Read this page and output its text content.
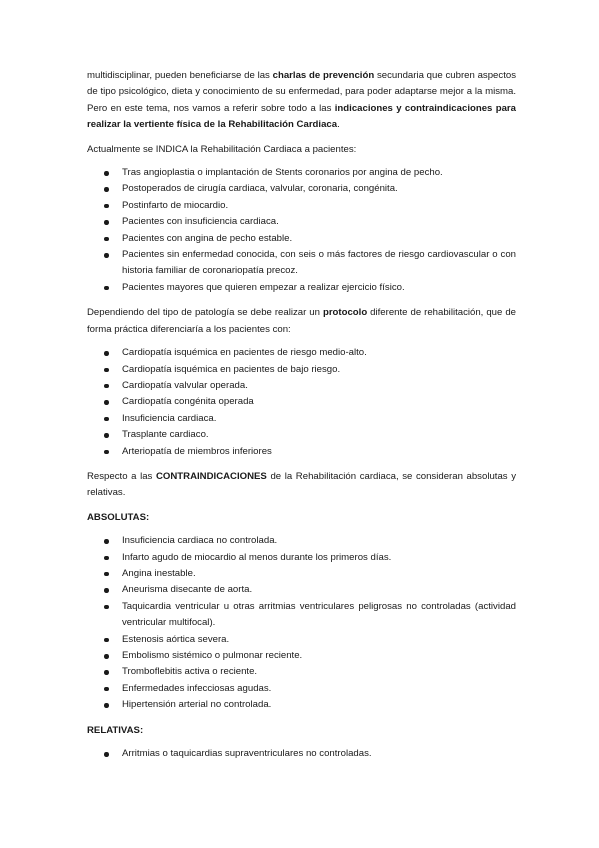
multidisciplinar, pueden beneficiarse de las charlas de prevención secundaria que cubren aspectos de tipo psicológico, dieta y conocimiento de su enfermedad, para poder adaptarse mejor a la misma. Pero en este tema, nos vamos a referir sobre todo a las indicaciones y contraindicaciones para realizar la vertiente física de la Rehabilitación Cardiaca.

Actualmente se INDICA la Rehabilitación Cardiaca a pacientes:

Tras angioplastia o implantación de Stents coronarios por angina de pecho.
Postoperados de cirugía cardiaca, valvular, coronaria, congénita.
Postinfarto de miocardio.
Pacientes con insuficiencia cardiaca.
Pacientes con angina de pecho estable.
Pacientes sin enfermedad conocida, con seis o más factores de riesgo cardiovascular o con historia familiar de coronariopatía precoz.
Pacientes mayores que quieren empezar a realizar ejercicio físico.

Dependiendo del tipo de patología se debe realizar un protocolo diferente de rehabilitación, que de forma práctica diferenciaría a los pacientes con:

Cardiopatía isquémica en pacientes de riesgo medio-alto.
Cardiopatía isquémica en pacientes de bajo riesgo.
Cardiopatía valvular operada.
Cardiopatía congénita operada
Insuficiencia cardiaca.
Trasplante cardiaco.
Arteriopatía de miembros inferiores

Respecto a las CONTRAINDICACIONES de la Rehabilitación cardiaca, se consideran absolutas y relativas.

ABSOLUTAS:

Insuficiencia cardiaca no controlada.
Infarto agudo de miocardio al menos durante los primeros días.
Angina inestable.
Aneurisma disecante de aorta.
Taquicardia ventricular u otras arritmias ventriculares peligrosas no controladas (actividad ventricular multifocal).
Estenosis aórtica severa.
Embolismo sistémico o pulmonar reciente.
Tromboflebitis activa o reciente.
Enfermedades infecciosas agudas.
Hipertensión arterial no controlada.

RELATIVAS:

Arritmias o taquicardias supraventriculares no controladas.
